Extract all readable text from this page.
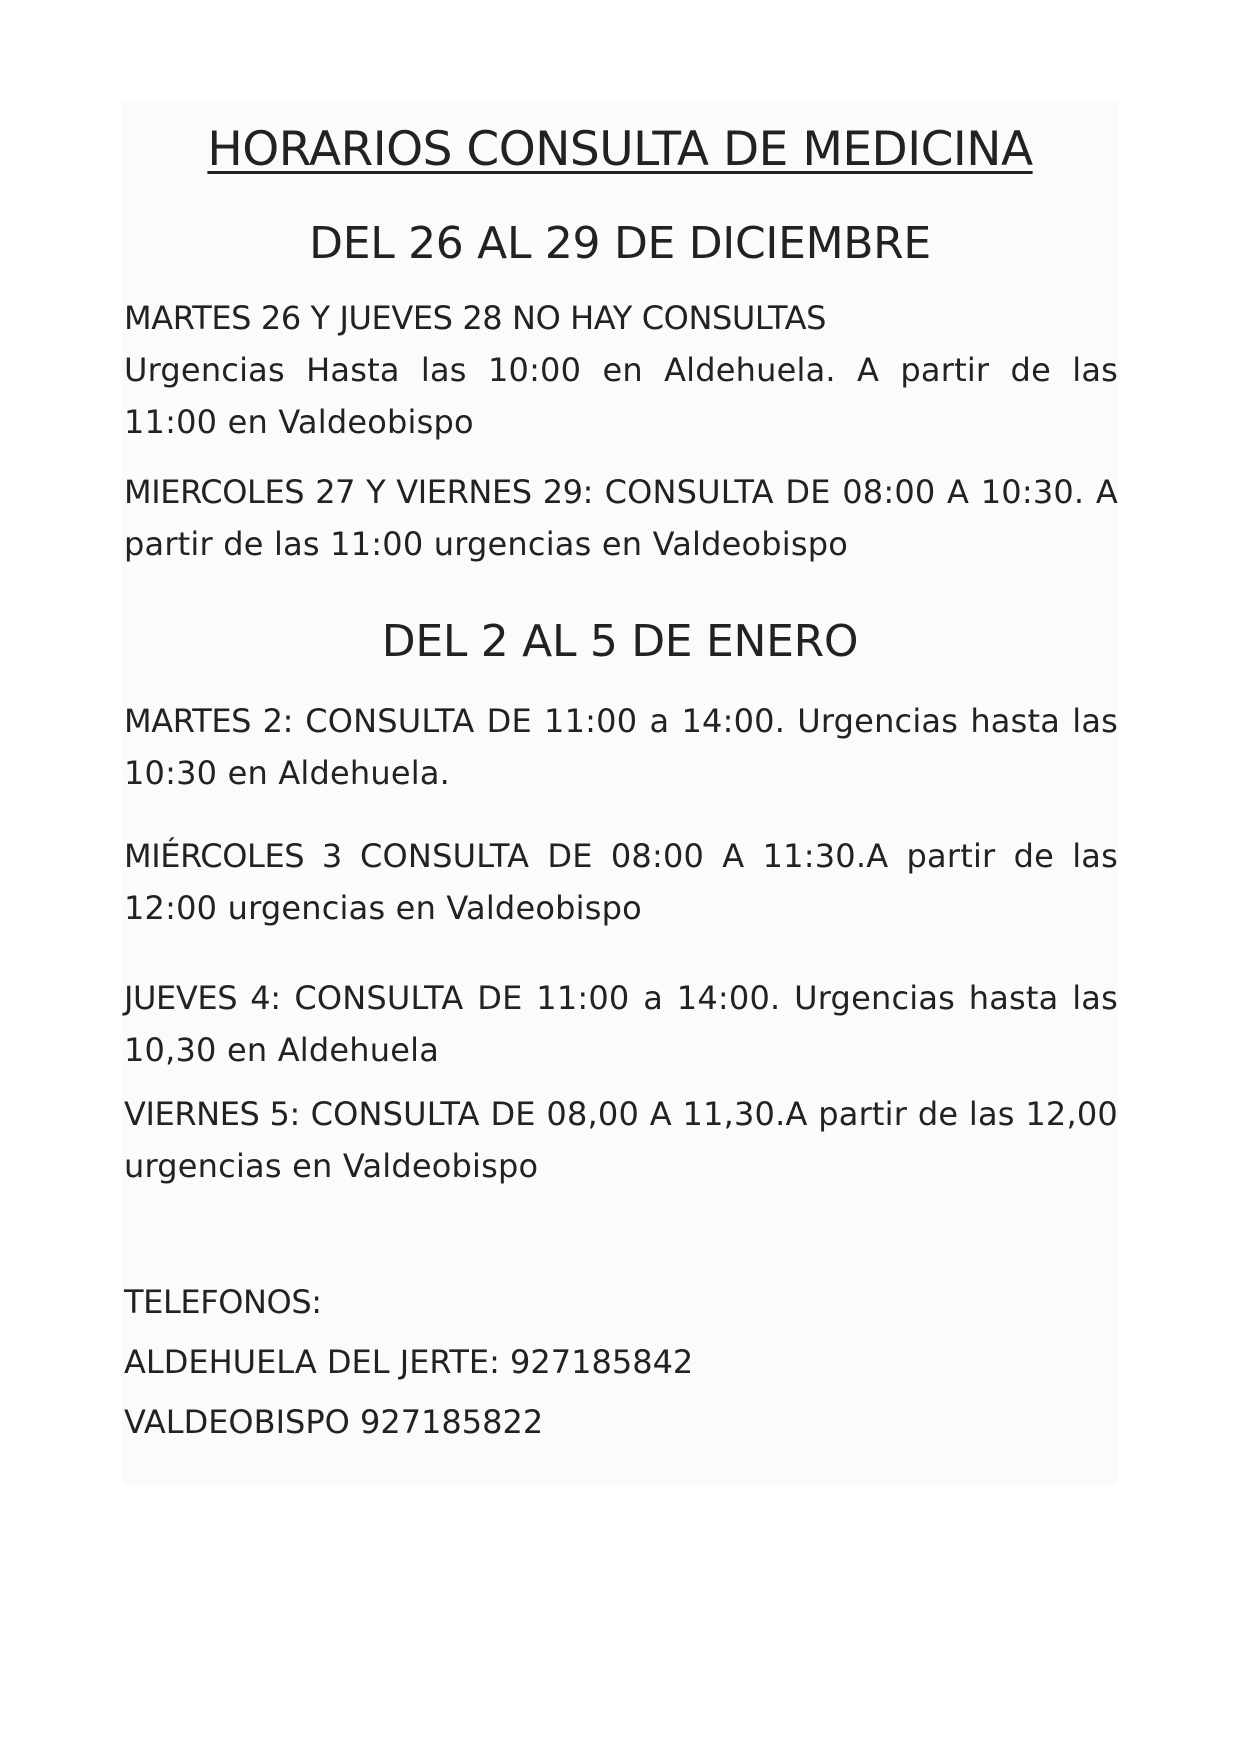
HORARIOS CONSULTA DE MEDICINA
DEL 26 AL 29 DE DICIEMBRE
MARTES 26 Y JUEVES 28 NO HAY CONSULTAS
Urgencias Hasta las 10:00 en Aldehuela. A partir de las 11:00 en Valdeobispo

MIERCOLES 27 Y VIERNES 29: CONSULTA DE 08:00 A 10:30. A partir de las 11:00 urgencias en Valdeobispo

DEL 2 AL 5 DE ENERO

MARTES 2: CONSULTA DE 11:00 a 14:00. Urgencias hasta las 10:30 en Aldehuela.

MIÉRCOLES 3 CONSULTA DE 08:00 A 11:30.A partir de las 12:00 urgencias en Valdeobispo

JUEVES 4: CONSULTA DE 11:00 a 14:00. Urgencias hasta las 10,30 en Aldehuela

VIERNES 5: CONSULTA DE 08,00 A 11,30.A partir de las 12,00 urgencias en Valdeobispo

TELEFONOS:

ALDEHUELA DEL JERTE: 927185842

VALDEOBISPO 927185822
